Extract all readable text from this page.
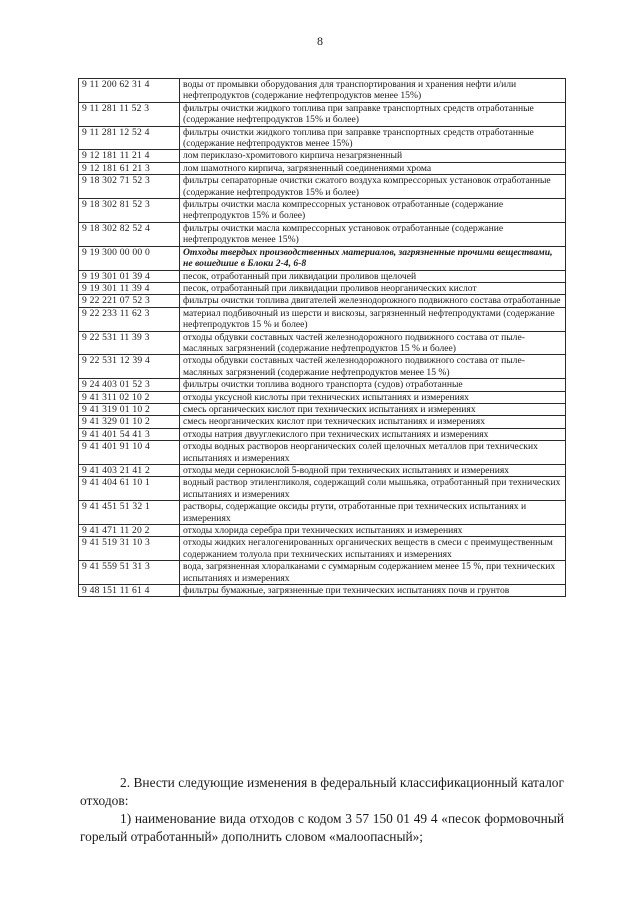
8
9 11 200 62 31 4	воды от промывки оборудования для транспортирования и хранения нефти и/или нефтепродуктов (содержание нефтепродуктов менее 15%)
9 11 281 11 52 3	фильтры очистки жидкого топлива при заправке транспортных средств отработанные (содержание нефтепродуктов 15% и более)
9 11 281 12 52 4	фильтры очистки жидкого топлива при заправке транспортных средств отработанные (содержание нефтепродуктов менее 15%)
9 12 181 11 21 4	лом периклазо-хромитового кирпича незагрязненный
9 12 181 61 21 3	лом шамотного кирпича, загрязненный соединениями хрома
9 18 302 71 52 3	фильтры сепараторные очистки сжатого воздуха компрессорных установок отработанные (содержание нефтепродуктов 15% и более)
9 18 302 81 52 3	фильтры очистки масла компрессорных установок отработанные (содержание нефтепродуктов 15% и более)
9 18 302 82 52 4	фильтры очистки масла компрессорных установок отработанные (содержание нефтепродуктов менее 15%)
9 19 300 00 00 0	Отходы твердых производственных материалов, загрязненные прочими веществами, не вошедшие в Блоки 2-4, 6-8
9 19 301 01 39 4	песок, отработанный при ликвидации проливов щелочей
9 19 301 11 39 4	песок, отработанный при ликвидации проливов неорганических кислот
9 22 221 07 52 3	фильтры очистки топлива двигателей железнодорожного подвижного состава отработанные
9 22 233 11 62 3	материал подбивочный из шерсти и вискозы, загрязненный нефтепродуктами (содержание нефтепродуктов 15 % и более)
9 22 531 11 39 3	отходы обдувки составных частей железнодорожного подвижного состава от пыле-масляных загрязнений (содержание нефтепродуктов 15 % и более)
9 22 531 12 39 4	отходы обдувки составных частей железнодорожного подвижного состава от пыле-масляных загрязнений (содержание нефтепродуктов менее 15 %)
9 24 403 01 52 3	фильтры очистки топлива водного транспорта (судов) отработанные
9 41 311 02 10 2	отходы уксусной кислоты при технических испытаниях и измерениях
9 41 319 01 10 2	смесь органических кислот при технических испытаниях и измерениях
9 41 329 01 10 2	смесь неорганических кислот при технических испытаниях и измерениях
9 41 401 54 41 3	отходы натрия двууглекислого при технических испытаниях и измерениях
9 41 401 91 10 4	отходы водных растворов неорганических солей щелочных металлов при технических испытаниях и измерениях
9 41 403 21 41 2	отходы меди сернокислой 5-водной при технических испытаниях и измерениях
9 41 404 61 10 1	водный раствор этиленгликоля, содержащий соли мышьяка, отработанный при технических испытаниях и измерениях
9 41 451 51 32 1	растворы, содержащие оксиды ртути, отработанные при технических испытаниях и измерениях
9 41 471 11 20 2	отходы хлорида серебра при технических испытаниях и измерениях
9 41 519 31 10 3	отходы жидких негалогенированных органических веществ в смеси с преимущественным содержанием толуола при технических испытаниях и измерениях
9 41 559 51 31 3	вода, загрязненная хлоралканами с суммарным содержанием менее 15 %, при технических испытаниях и измерениях
9 48 151 11 61 4	фильтры бумажные, загрязненные при технических испытаниях почв и грунтов
2. Внести следующие изменения в федеральный классификационный каталог отходов:
1) наименование вида отходов с кодом 3 57 150 01 49 4 «песок формовочный горелый отработанный» дополнить словом «малоопасный»;
